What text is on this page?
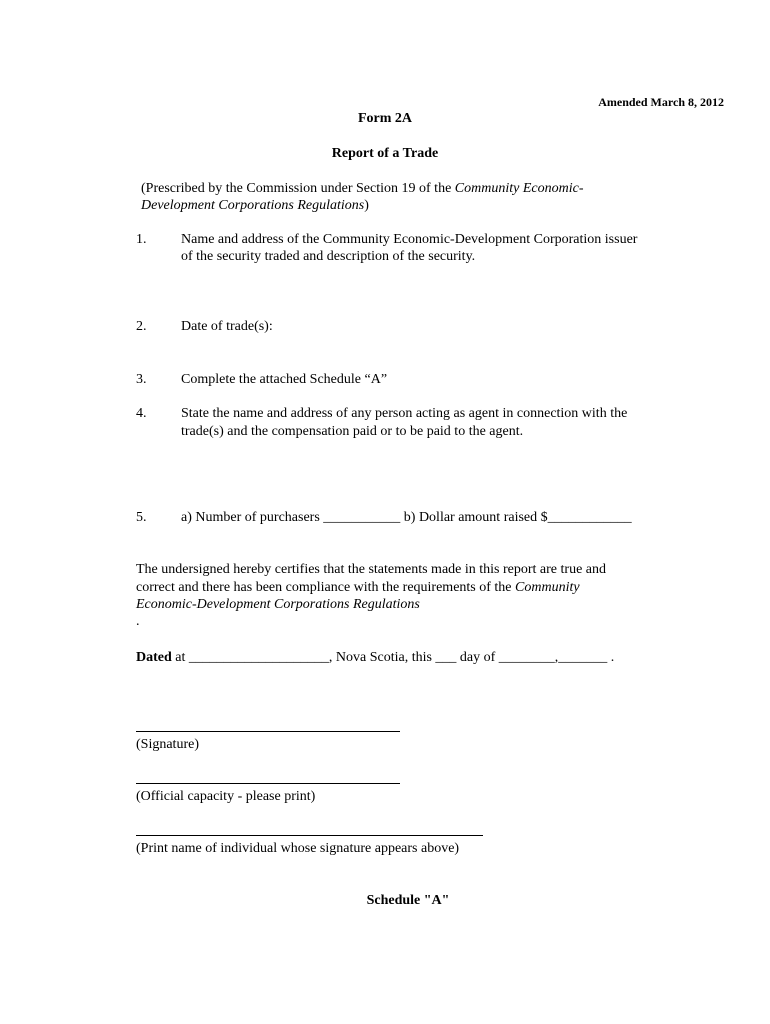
Amended March 8, 2012
Form 2A
Report of a Trade
(Prescribed by the Commission under Section 19 of the Community Economic-
Development Corporations Regulations)
1. Name and address of the Community Economic-Development Corporation issuer
of the security traded and description of the security.
2. Date of trade(s):
3. Complete the attached Schedule “A”
4. State the name and address of any person acting as agent in connection with the
trade(s) and the compensation paid or to be paid to the agent.
5. a) Number of purchasers ___________ b) Dollar amount raised $____________
The undersigned hereby certifies that the statements made in this report are true and
correct and there has been compliance with the requirements of the Community
Economic-Development Corporations Regulations
.
Dated at ____________________, Nova Scotia, this ___ day of ________,_______ .
(Signature)
(Official capacity - please print)
(Print name of individual whose signature appears above)
Schedule "A"
